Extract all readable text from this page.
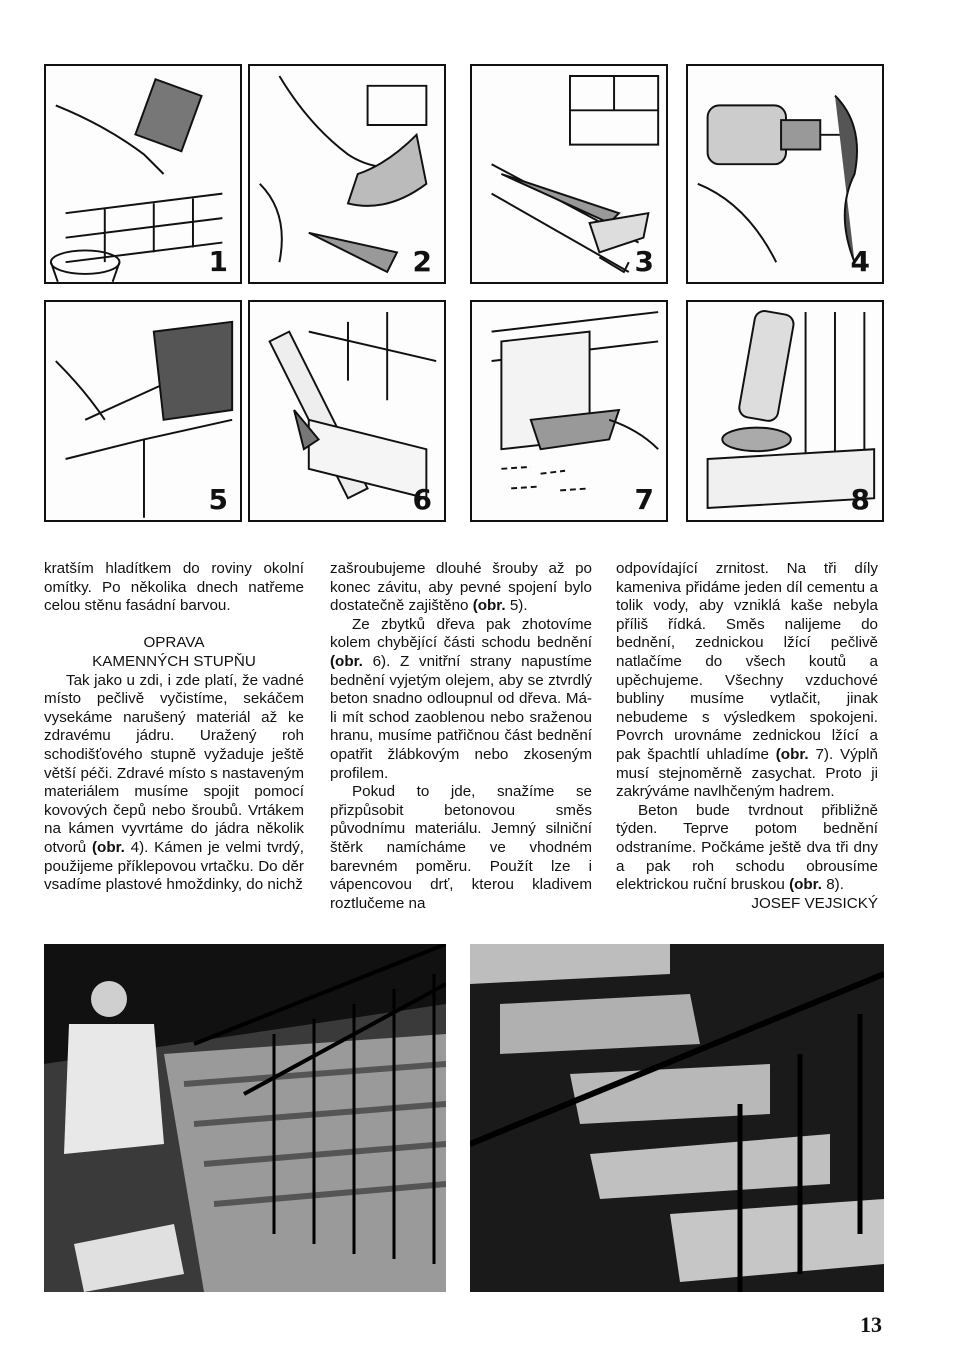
1	2	3	4
5	6	7	8

kratším hladítkem do roviny okolní omítky. Po několika dnech natřeme celou stěnu fasádní barvou.

OPRAVA
KAMENNÝCH STUPŇU

Tak jako u zdi, i zde platí, že vadné místo pečlivě vyčistíme, sekáčem vysekáme narušený materiál až ke zdravému jádru. Uražený roh schodišťového stupně vyžaduje ještě větší péči. Zdravé místo s nastaveným materiálem musíme spojit pomocí kovových čepů nebo šroubů. Vrtákem na kámen vyvrtáme do jádra několik otvorů (obr. 4). Kámen je velmi tvrdý, použijeme příklepovou vrtačku. Do děr vsadíme plastové hmoždinky, do nichž

zašroubujeme dlouhé šrouby až po konec závitu, aby pevné spojení bylo dostatečně zajištěno (obr. 5).

Ze zbytků dřeva pak zhotovíme kolem chybějící části schodu bednění (obr. 6). Z vnitřní strany napustíme bednění vyjetým olejem, aby se ztvrdlý beton snadno odloupnul od dřeva. Má-li mít schod zaoblenou nebo sraženou hranu, musíme patřičnou část bednění opatřit žlábkovým nebo zkoseným profilem.

Pokud to jde, snažíme se přizpůsobit betonovou směs původnímu materiálu. Jemný silniční štěrk namícháme ve vhodném barevném poměru. Použít lze i vápencovou drť, kterou kladivem roztlučeme na

odpovídající zrnitost. Na tři díly kameniva přidáme jeden díl cementu a tolik vody, aby vzniklá kaše nebyla příliš řídká. Směs nalijeme do bednění, zednickou lžící pečlivě natlačíme do všech koutů a upěchujeme. Všechny vzduchové bubliny musíme vytlačit, jinak nebudeme s výsledkem spokojeni. Povrch urovnáme zednickou lžící a pak špachtlí uhladíme (obr. 7). Výplň musí stejnoměrně zasychat. Proto ji zakrýváme navlhčeným hadrem.

Beton bude tvrdnout přibližně týden. Teprve potom bednění odstraníme. Počkáme ještě dva tři dny a pak roh schodu obrousíme elektrickou ruční bruskou (obr. 8).

JOSEF VEJSICKÝ

13
